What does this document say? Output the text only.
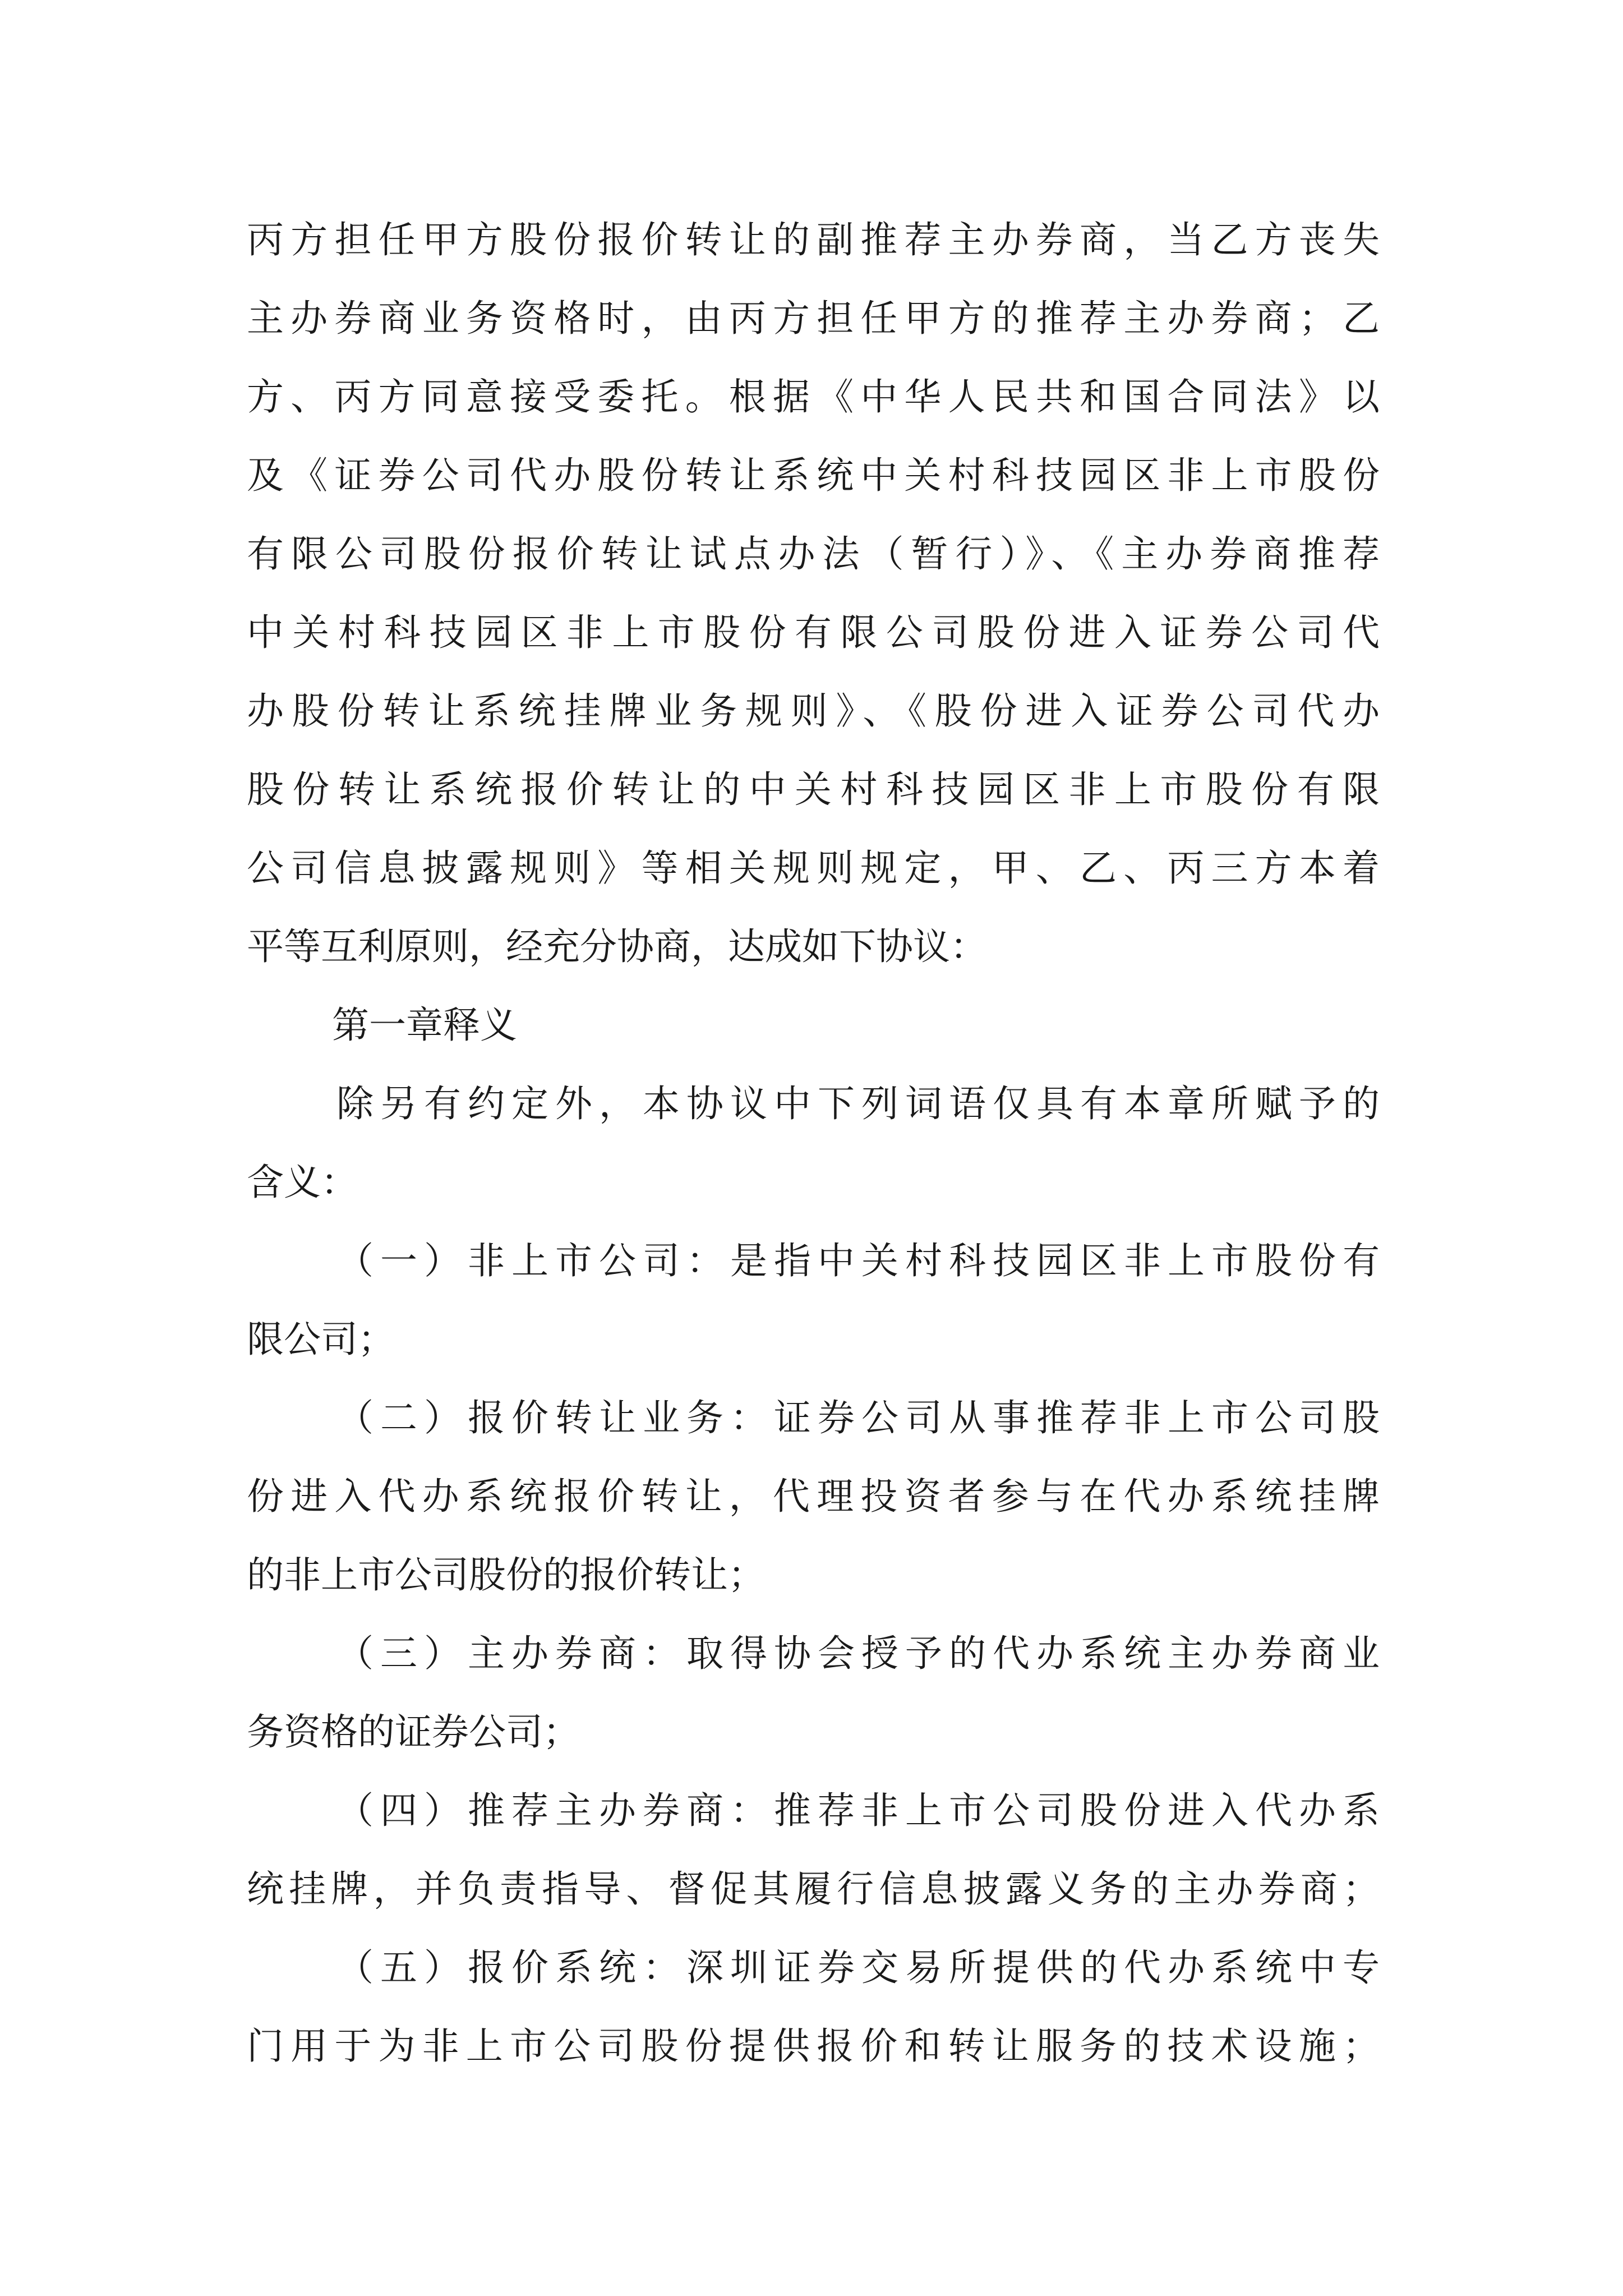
丙方担任甲方股份报价转让的副推荐主办券商，当乙方丧失
主办券商业务资格时，由丙方担任甲方的推荐主办券商；乙
方、丙方同意接受委托。根据《中华人民共和国合同法》以
及《证券公司代办股份转让系统中关村科技园区非上市股份
有限公司股份报价转让试点办法（暂行）》、《主办券商推荐
中关村科技园区非上市股份有限公司股份进入证券公司代
办股份转让系统挂牌业务规则》、《股份进入证券公司代办
股份转让系统报价转让的中关村科技园区非上市股份有限
公司信息披露规则》等相关规则规定，甲、乙、丙三方本着
平等互利原则，经充分协商，达成如下协议：
第一章释义
除另有约定外，本协议中下列词语仅具有本章所赋予的
含义：
（一）非上市公司：是指中关村科技园区非上市股份有
限公司；
（二）报价转让业务：证券公司从事推荐非上市公司股
份进入代办系统报价转让，代理投资者参与在代办系统挂牌
的非上市公司股份的报价转让；
（三）主办券商：取得协会授予的代办系统主办券商业
务资格的证券公司；
（四）推荐主办券商：推荐非上市公司股份进入代办系
统挂牌，并负责指导、督促其履行信息披露义务的主办券商；
（五）报价系统：深圳证券交易所提供的代办系统中专
门用于为非上市公司股份提供报价和转让服务的技术设施；
